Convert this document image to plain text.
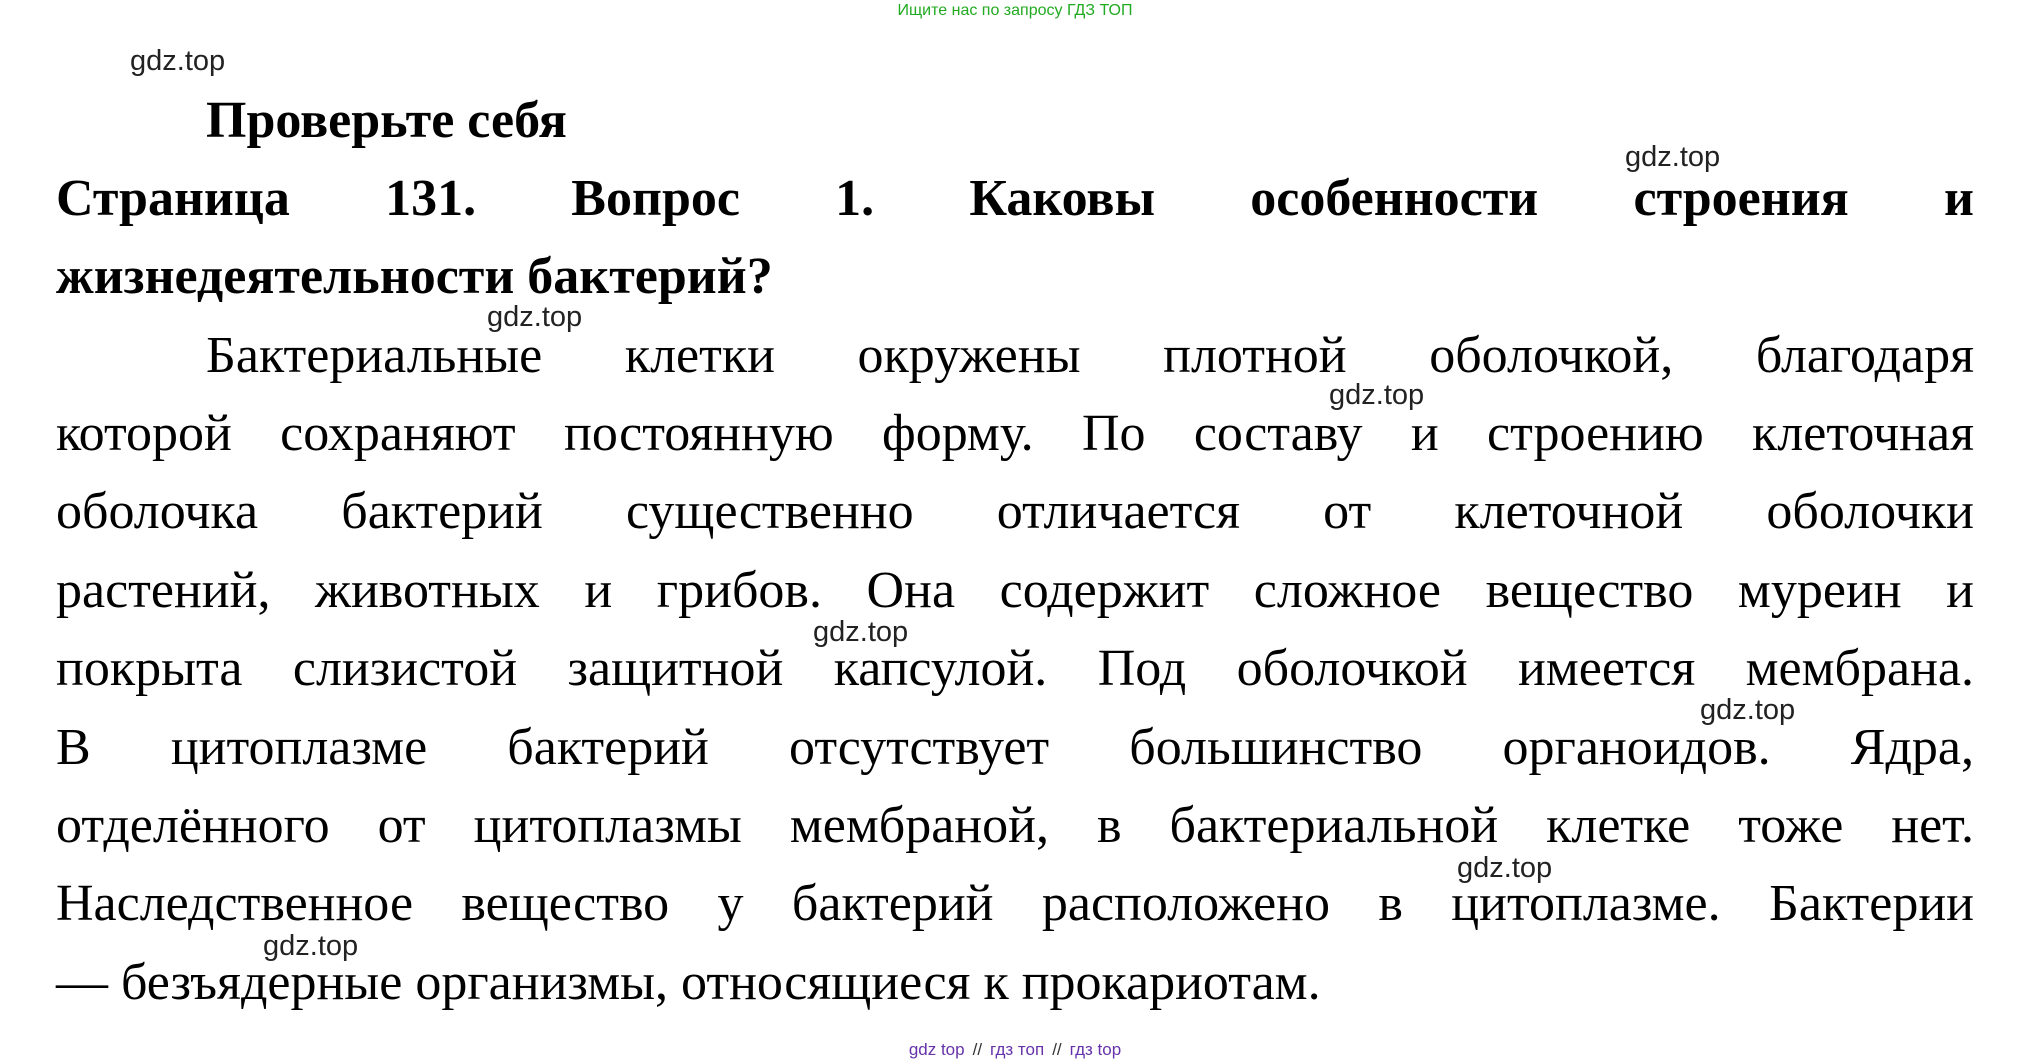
Ищите нас по запросу ГДЗ ТОП
gdz.top
gdz.top
gdz.top
gdz.top
gdz.top
gdz.top
gdz.top
gdz.top
Проверьте себя
Страница 131. Вопрос 1. Каковы особенности строения и
жизнедеятельности бактерий?
Бактериальные клетки окружены плотной оболочкой, благодаря
которой сохраняют постоянную форму. По составу и строению клеточная
оболочка бактерий существенно отличается от клеточной оболочки
растений, животных и грибов. Она содержит сложное вещество муреин и
покрыта слизистой защитной капсулой. Под оболочкой имеется мембрана.
В цитоплазме бактерий отсутствует большинство органоидов. Ядра,
отделённого от цитоплазмы мембраной, в бактериальной клетке тоже нет.
Наследственное вещество у бактерий расположено в цитоплазме. Бактерии
— безъядерные организмы, относящиеся к прокариотам.
gdz top // гдз топ // гдз top
